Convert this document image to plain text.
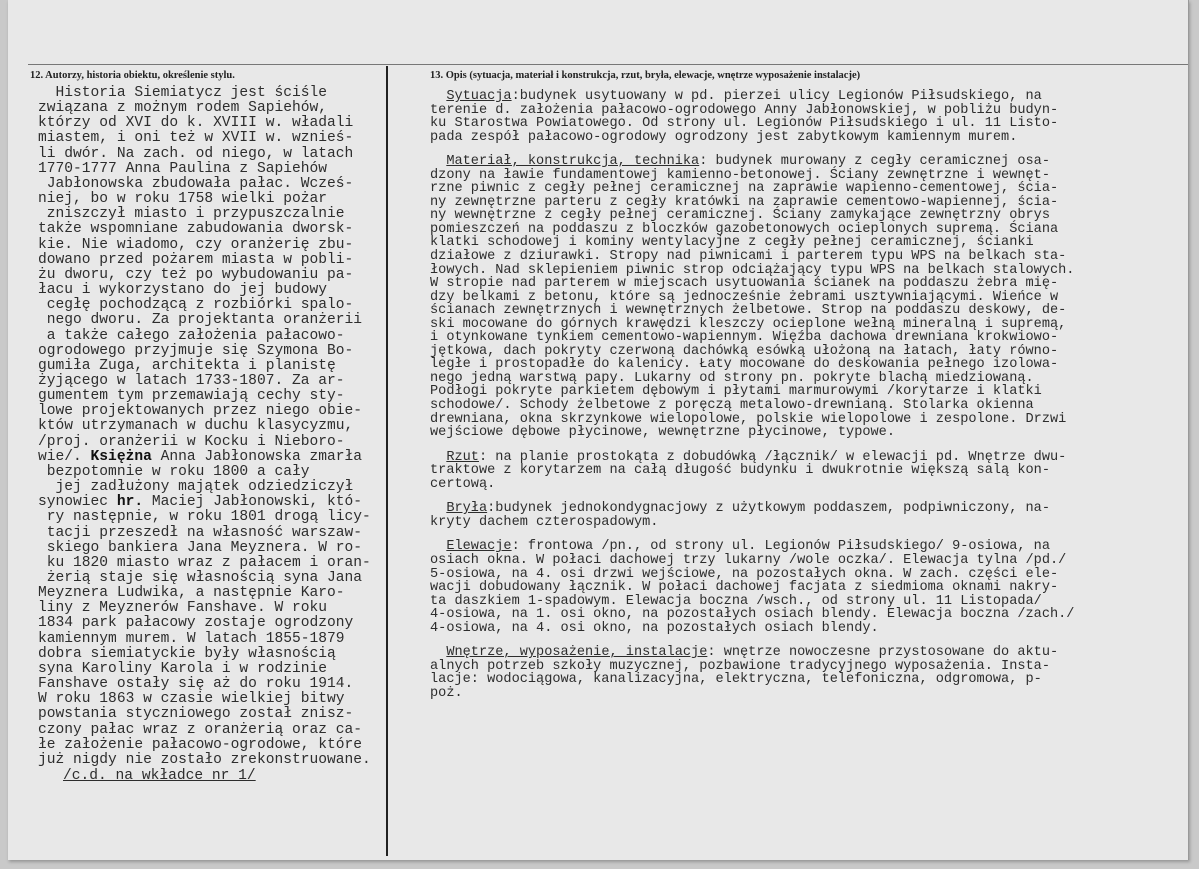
12. Autorzy, historia obiektu, określenie stylu.	13. Opis (sytuacja, materiał i konstrukcja, rzut, bryła, elewacje, wnętrze wyposażenie instalacje)
Historia Siemiatycz jest ściśle
związana z możnym rodem Sapiehów,
którzy od XVI do k. XVIII w. władali
miastem, i oni też w XVII w. wznieś-
li dwór. Na zach. od niego, w latach
1770-1777 Anna Paulina z Sapiehów
Jabłonowska zbudowała pałac. Wcześ-
niej, bo w roku 1758 wielki pożar
zniszczył miasto i przypuszczalnie
także wspomniane zabudowania dworsk-
kie. Nie wiadomo, czy oranżerię zbu-
dowano przed pożarem miasta w pobli-
żu dworu, czy też po wybudowaniu pa-
łacu i wykorzystano do jej budowy
cegłę pochodzącą z rozbiórki spalo-
nego dworu. Za projektanta oranżerii
a także całego założenia pałacowo-
ogrodowego przyjmuje się Szymona Bo-
gumiła Zuga, architekta i planistę
żyjącego w latach 1733-1807. Za ar-
gumentem tym przemawiają cechy sty-
lowe projektowanych przez niego obie-
któw utrzymanach w duchu klasycyzmu,
/proj. oranżerii w Kocku i Nieboro-
wie/. Księżna Anna Jabłonowska zmarła
bezpotomnie w roku 1800 a cały
jej zadłużony majątek odziedziczył
synowiec hr. Maciej Jabłonowski, któ-
ry następnie, w roku 1801 drogą licy-
tacji przeszedł na własność warszaw-
skiego bankiera Jana Meyznera. W ro-
ku 1820 miasto wraz z pałacem i oran-
żerią staje się własnością syna Jana
Meyznera Ludwika, a następnie Karo-
liny z Meyznerów Fanshave. W roku
1834 park pałacowy zostaje ogrodzony
kamiennym murem. W latach 1855-1879
dobra siemiatyckie były własnością
syna Karoliny Karola i w rodzinie
Fanshave ostały się aż do roku 1914.
W roku 1863 w czasie wielkiej bitwy
powstania styczniowego został znisz-
czony pałac wraz z oranżerią oraz ca-
łe założenie pałacowo-ogrodowe, które
już nigdy nie zostało zrekonstruowane.
/c.d. na wkładce nr 1/
Sytuacja:budynek usytuowany w pd. pierzei ulicy Legionów Piłsudskiego, na
terenie d. założenia pałacowo-ogrodowego Anny Jabłonowskiej, w pobliżu budyn-
ku Starostwa Powiatowego. Od strony ul. Legionów Piłsudskiego i ul. 11 Listo-
pada zespół pałacowo-ogrodowy ogrodzony jest zabytkowym kamiennym murem.
Materiał, konstrukcja, technika: budynek murowany z cegły ceramicznej osa-
dzony na ławie fundamentowej kamienno-betonowej. Ściany zewnętrzne i wewnęt-
rzne piwnic z cegły pełnej ceramicznej na zaprawie wapienno-cementowej, ścia-
ny zewnętrzne parteru z cegły kratówki na zaprawie cementowo-wapiennej, ścia-
ny wewnętrzne z cegły pełnej ceramicznej. Ściany zamykające zewnętrzny obrys
pomieszczeń na poddaszu z bloczków gazobetonowych ocieplonych supremą. Ściana
klatki schodowej i kominy wentylacyjne z cegły pełnej ceramicznej, ścianki
działowe z dziurawki. Stropy nad piwnicami i parterem typu WPS na belkach sta-
łowych. Nad sklepieniem piwnic strop odciążający typu WPS na belkach stalowych.
W stropie nad parterem w miejscach usytuowania ścianek na poddaszu żebra mię-
dzy belkami z betonu, które są jednocześnie żebrami usztywniającymi. Wieńce w
ścianach zewnętrznych i wewnętrznych żelbetowe. Strop na poddaszu deskowy, de-
ski mocowane do górnych krawędzi kleszczy ocieplone wełną mineralną i supremą,
i otynkowane tynkiem cementowo-wapiennym. Więźba dachowa drewniana krokwiowo-
jętkowa, dach pokryty czerwoną dachówką esówką ułożoną na łatach, łaty równo-
ległe i prostopadłe do kalenicy. Łaty mocowane do deskowania pełnego izolowa-
nego jedną warstwą papy. Lukarny od strony pn. pokryte blachą miedziowaną.
Podłogi pokryte parkietem dębowym i płytami marmurowymi /korytarze i klatki
schodowe/. Schody żelbetowe z poręczą metalowo-drewnianą. Stolarka okienna
drewniana, okna skrzynkowe wielopolowe, polskie wielopolowe i zespolone. Drzwi
wejściowe dębowe płycinowe, wewnętrzne płycinowe, typowe.
Rzut: na planie prostokąta z dobudówką /łącznik/ w elewacji pd. Wnętrze dwu-
traktowe z korytarzem na całą długość budynku i dwukrotnie większą salą kon-
certową.
Bryła:budynek jednokondygnacjowy z użytkowym poddaszem, podpiwniczony, na-
kryty dachem czterospadowym.
Elewacje: frontowa /pn., od strony ul. Legionów Piłsudskiego/ 9-osiowa, na
osiach okna. W połaci dachowej trzy lukarny /wole oczka/. Elewacja tylna /pd./
5-osiowa, na 4. osi drzwi wejściowe, na pozostałych okna. W zach. części ele-
wacji dobudowany łącznik. W połaci dachowej facjata z siedmioma oknami nakry-
ta daszkiem 1-spadowym. Elewacja boczna /wsch., od strony ul. 11 Listopada/
4-osiowa, na 1. osi okno, na pozostałych osiach blendy. Elewacja boczna /zach./
4-osiowa, na 4. osi okno, na pozostałych osiach blendy.
Wnętrze, wyposażenie, instalacje: wnętrze nowoczesne przystosowane do aktu-
alnych potrzeb szkoły muzycznej, pozbawione tradycyjnego wyposażenia. Insta-
lacje: wodociągowa, kanalizacyjna, elektryczna, telefoniczna, odgromowa, p-
poż.
